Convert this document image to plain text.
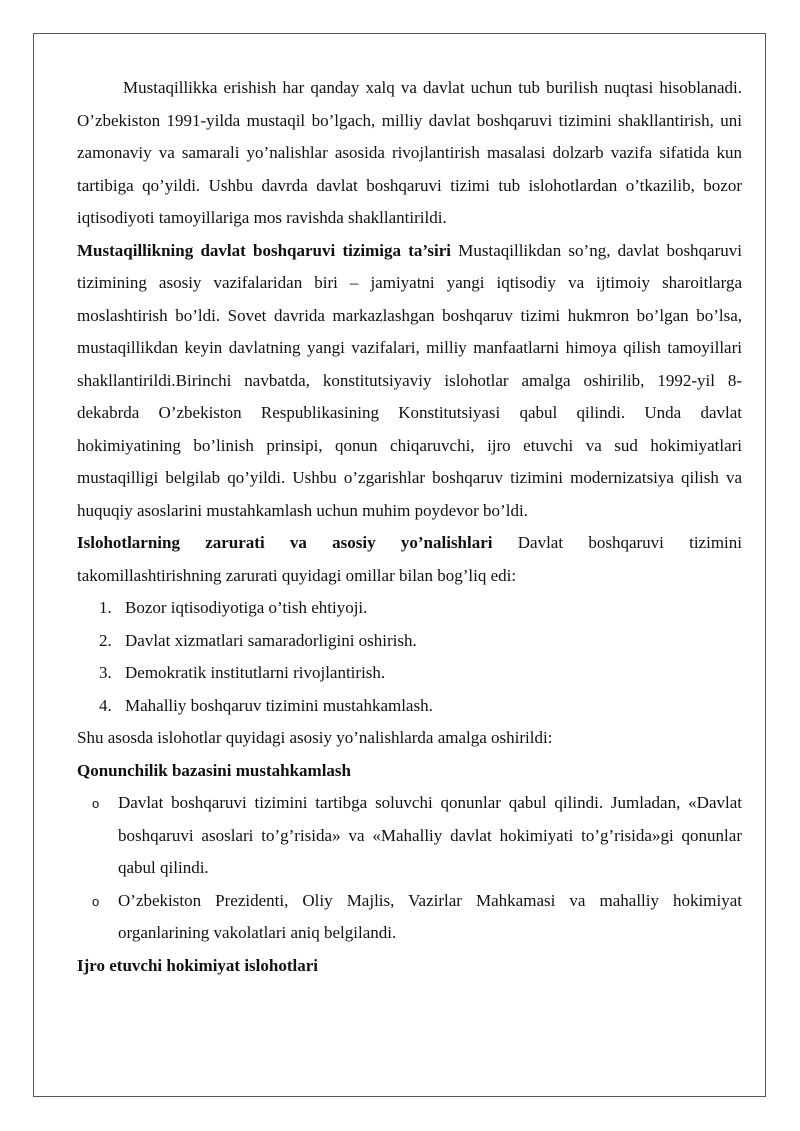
Mustaqillikka erishish har qanday xalq va davlat uchun tub burilish nuqtasi hisoblanadi. O’zbekiston 1991-yilda mustaqil bo’lgach, milliy davlat boshqaruvi tizimini shakllantirish, uni zamonaviy va samarali yo’nalishlar asosida rivojlantirish masalasi dolzarb vazifa sifatida kun tartibiga qo’yildi. Ushbu davrda davlat boshqaruvi tizimi tub islohotlardan o’tkazilib, bozor iqtisodiyoti tamoyillariga mos ravishda shakllantirildi.

Mustaqillikning davlat boshqaruvi tizimiga ta’siri Mustaqillikdan so’ng, davlat boshqaruvi tizimining asosiy vazifalaridan biri – jamiyatni yangi iqtisodiy va ijtimoiy sharoitlarga moslashtirish bo’ldi. Sovet davrida markazlashgan boshqaruv tizimi hukmron bo’lgan bo’lsa, mustaqillikdan keyin davlatning yangi vazifalari, milliy manfaatlarni himoya qilish tamoyillari shakllantirildi.Birinchi navbatda, konstitutsiyaviy islohotlar amalga oshirilib, 1992-yil 8-dekabrda O’zbekiston Respublikasining Konstitutsiyasi qabul qilindi. Unda davlat hokimiyatining bo’linish prinsipi, qonun chiqaruvchi, ijro etuvchi va sud hokimiyatlari mustaqilligi belgilab qo’yildi. Ushbu o’zgarishlar boshqaruv tizimini modernizatsiya qilish va huquqiy asoslarini mustahkamlash uchun muhim poydevor bo’ldi.

Islohotlarning zarurati va asosiy yo’nalishlari Davlat boshqaruvi tizimini takomillashtirishning zarurati quyidagi omillar bilan bog’liq edi:

1. Bozor iqtisodiyotiga o’tish ehtiyoji.
2. Davlat xizmatlari samaradorligini oshirish.
3. Demokratik institutlarni rivojlantirish.
4. Mahalliy boshqaruv tizimini mustahkamlash.

Shu asosda islohotlar quyidagi asosiy yo’nalishlarda amalga oshirildi:

Qonunchilik bazasini mustahkamlash

o Davlat boshqaruvi tizimini tartibga soluvchi qonunlar qabul qilindi. Jumladan, «Davlat boshqaruvi asoslari to’g’risida» va «Mahalliy davlat hokimiyati to’g’risida»gi qonunlar qabul qilindi.
o O’zbekiston Prezidenti, Oliy Majlis, Vazirlar Mahkamasi va mahalliy hokimiyat organlarining vakolatlari aniq belgilandi.

Ijro etuvchi hokimiyat islohotlari
